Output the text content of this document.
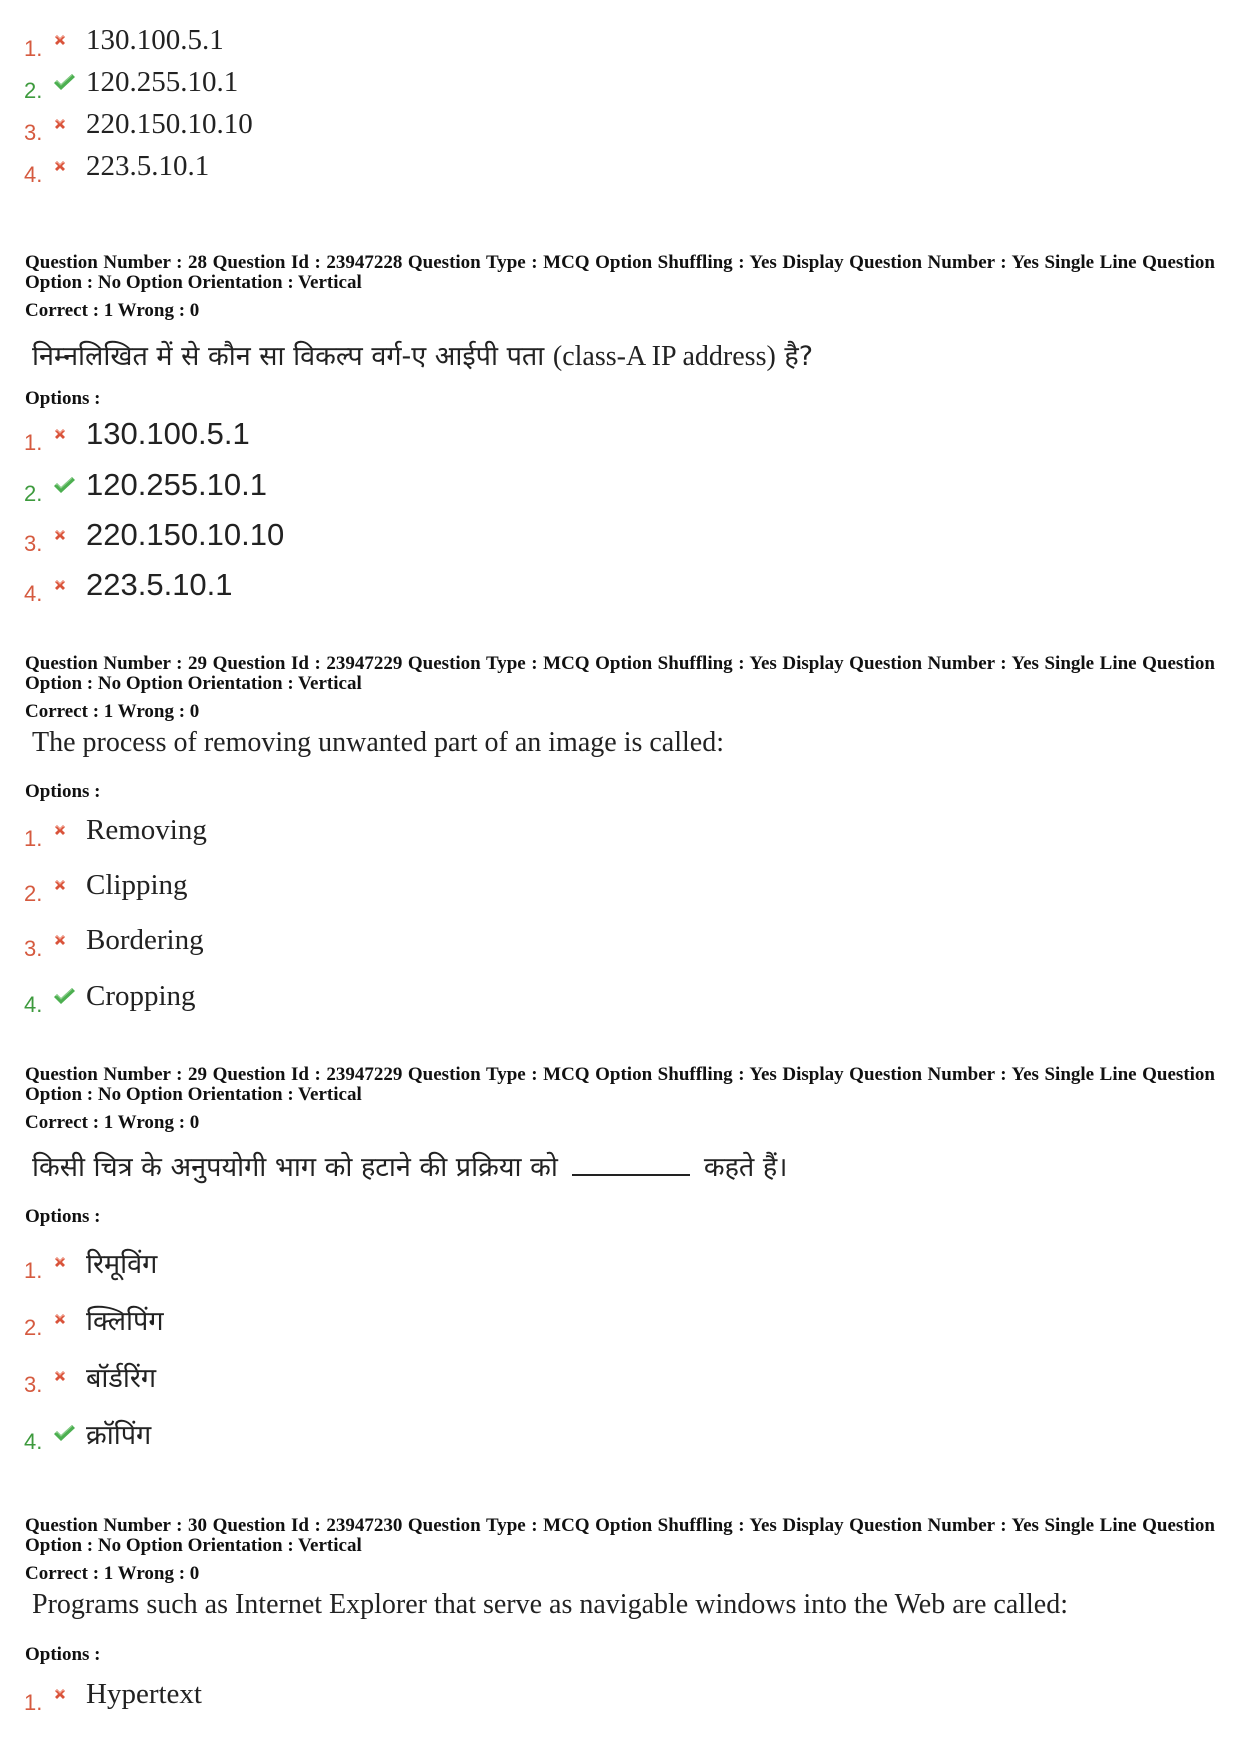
1.	130.100.5.1
2.	120.255.10.1
3.	220.150.10.10
4.	223.5.10.1
Question Number : 28 Question Id : 23947228 Question Type : MCQ Option Shuffling : Yes Display Question Number : Yes Single Line Question Option : No Option Orientation : Vertical
Correct : 1 Wrong : 0
निम्नलिखित में से कौन सा विकल्प वर्ग-ए आईपी पता (class-A IP address) है?
Options :
1.	130.100.5.1
2.	120.255.10.1
3.	220.150.10.10
4.	223.5.10.1
Question Number : 29 Question Id : 23947229 Question Type : MCQ Option Shuffling : Yes Display Question Number : Yes Single Line Question Option : No Option Orientation : Vertical
Correct : 1 Wrong : 0
The process of removing unwanted part of an image is called:
Options :
1.	Removing
2.	Clipping
3.	Bordering
4.	Cropping
Question Number : 29 Question Id : 23947229 Question Type : MCQ Option Shuffling : Yes Display Question Number : Yes Single Line Question Option : No Option Orientation : Vertical
Correct : 1 Wrong : 0
किसी चित्र के अनुपयोगी भाग को हटाने की प्रक्रिया को	कहते हैं।
Options :
1.	रिमूविंग
2.	क्लिपिंग
3.	बॉर्डरिंग
4.	क्रॉपिंग
Question Number : 30 Question Id : 23947230 Question Type : MCQ Option Shuffling : Yes Display Question Number : Yes Single Line Question Option : No Option Orientation : Vertical
Correct : 1 Wrong : 0
Programs such as Internet Explorer that serve as navigable windows into the Web are called:
Options :
1.	Hypertext
